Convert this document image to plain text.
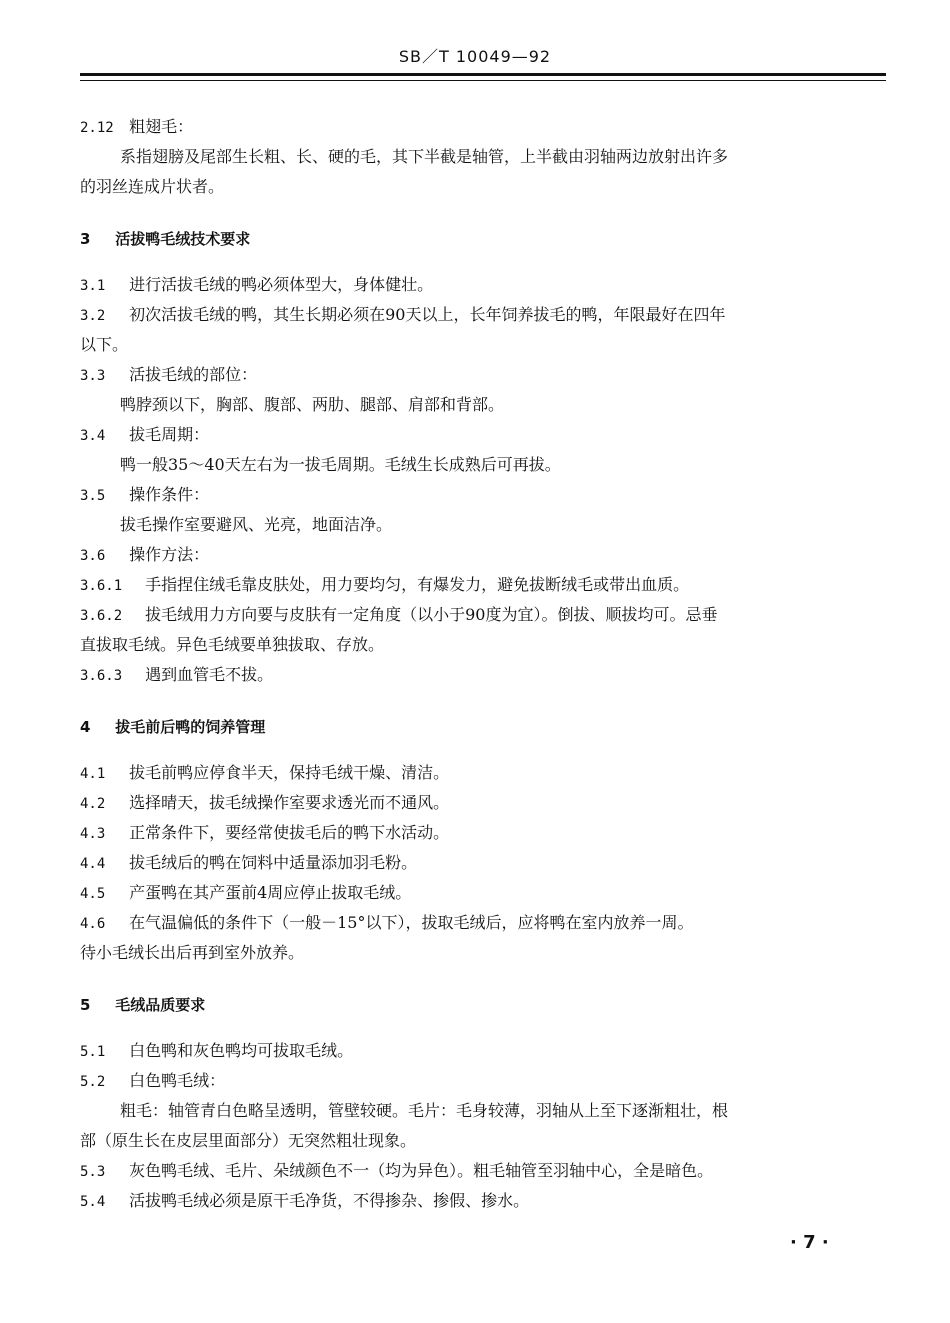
SB／T 10049—92
2.12 粗翅毛：
系指翅膀及尾部生长粗、长、硬的毛，其下半截是轴管，上半截由羽轴两边放射出许多
的羽丝连成片状者。
3 活拔鸭毛绒技术要求
3.1 进行活拔毛绒的鸭必须体型大，身体健壮。
3.2 初次活拔毛绒的鸭，其生长期必须在90天以上，长年饲养拔毛的鸭，年限最好在四年
以下。
3.3 活拔毛绒的部位：
鸭脖颈以下，胸部、腹部、两肋、腿部、肩部和背部。
3.4 拔毛周期：
鸭一般35～40天左右为一拔毛周期。毛绒生长成熟后可再拔。
3.5 操作条件：
拔毛操作室要避风、光亮，地面洁净。
3.6 操作方法：
3.6.1 手指捏住绒毛靠皮肤处，用力要均匀，有爆发力，避免拔断绒毛或带出血质。
3.6.2 拔毛绒用力方向要与皮肤有一定角度（以小于90度为宜）。倒拔、顺拔均可。忌垂
直拔取毛绒。异色毛绒要单独拔取、存放。
3.6.3 遇到血管毛不拔。
4 拔毛前后鸭的饲养管理
4.1 拔毛前鸭应停食半天，保持毛绒干燥、清洁。
4.2 选择晴天，拔毛绒操作室要求透光而不通风。
4.3 正常条件下，要经常使拔毛后的鸭下水活动。
4.4 拔毛绒后的鸭在饲料中适量添加羽毛粉。
4.5 产蛋鸭在其产蛋前4周应停止拔取毛绒。
4.6 在气温偏低的条件下（一般－15°以下），拔取毛绒后，应将鸭在室内放养一周。
待小毛绒长出后再到室外放养。
5 毛绒品质要求
5.1 白色鸭和灰色鸭均可拔取毛绒。
5.2 白色鸭毛绒：
粗毛：轴管青白色略呈透明，管壁较硬。毛片：毛身较薄，羽轴从上至下逐渐粗壮，根
部（原生长在皮层里面部分）无突然粗壮现象。
5.3 灰色鸭毛绒、毛片、朵绒颜色不一（均为异色）。粗毛轴管至羽轴中心，全是暗色。
5.4 活拔鸭毛绒必须是原干毛净货，不得掺杂、掺假、掺水。
· 7 ·
